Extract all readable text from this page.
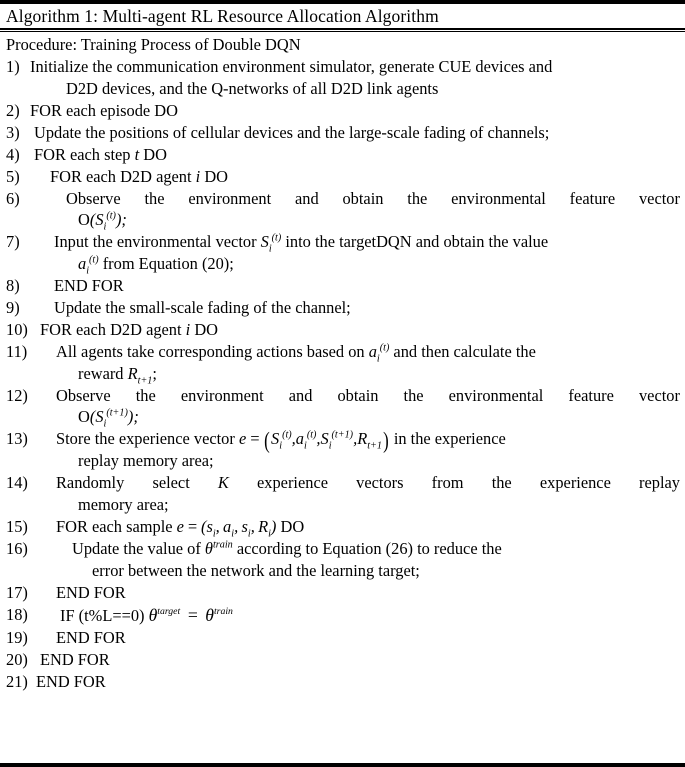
Algorithm 1: Multi-agent RL Resource Allocation Algorithm
Procedure: Training Process of Double DQN
1) Initialize the communication environment simulator, generate CUE devices and
D2D devices, and the Q-networks of all D2D link agents
2) FOR each episode DO
3) Update the positions of cellular devices and the large-scale fading of channels;
4) FOR each step t DO
5)	FOR each D2D agent i DO
6)	Observe the environment and obtain the environmental feature vector
$O(S_i^{(t)})$;
7)	Input the environmental vector $S_i^{(t)}$ into the targetDQN and obtain the value
$a_i^{(t)}$ from Equation (20);
8)	END FOR
9)	Update the small-scale fading of the channel;
10) FOR each D2D agent i DO
11)	All agents take corresponding actions based on $a_i^{(t)}$ and then calculate the
reward $R_{t+1}$;
12)	Observe the environment and obtain the environmental feature vector
$O(S_i^{(t+1)})$;
13)	Store the experience vector $e = (S_i^{(t)},a_i^{(t)},S_i^{(t+1)},R_{t+1})$ in the experience
replay memory area;
14)	Randomly select K experience vectors from the experience replay
memory area;
15)	FOR each sample $e = (s_i$, $a_i$, $s_i$, $R_i$) DO
16)	Update the value of $\theta^{train}$ according to Equation (26) to reduce the
error between the network and the learning target;
17)	END FOR
18)	IF (t%L==0) $\theta^{target} = \theta^{train}$
19)	END FOR
20) END FOR
21) END FOR
